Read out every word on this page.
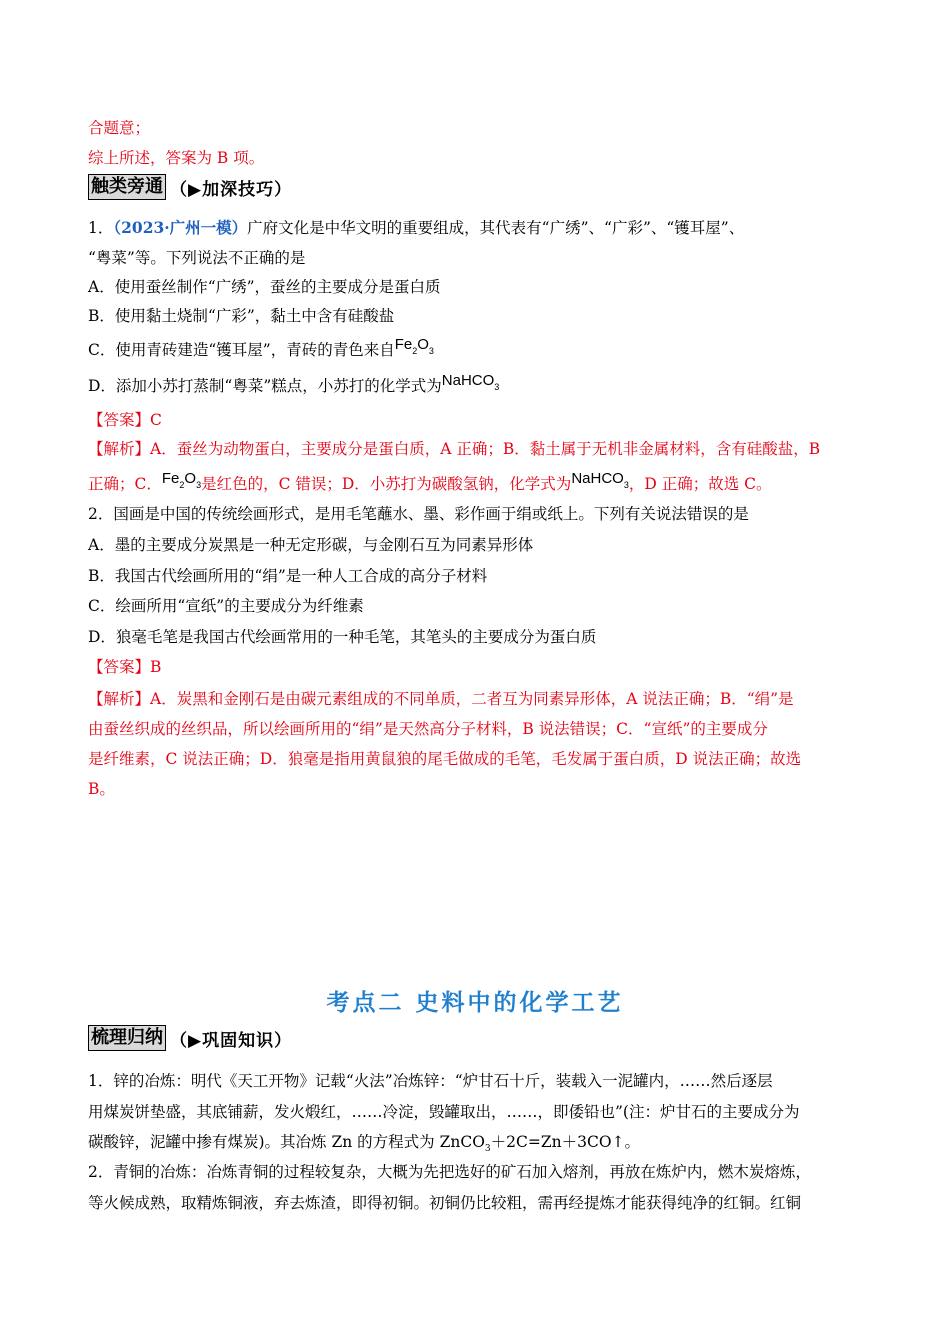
合题意；
综上所述，答案为 B 项。
触类旁通 （▶加深技巧）
1．（2023·广州一模）广府文化是中华文明的重要组成，其代表有“广绣”、“广彩”、“镬耳屋”、
“粤菜”等。下列说法不正确的是
A．使用蚕丝制作“广绣”，蚕丝的主要成分是蛋白质
B．使用黏土烧制“广彩”，黏土中含有硅酸盐
C．使用青砖建造“镬耳屋”，青砖的青色来自$Fe_2O_3$
D．添加小苏打蒸制“粤菜”糕点，小苏打的化学式为NaHCO$_3$
【答案】C
【解析】A．蚕丝为动物蛋白，主要成分是蛋白质，A 正确；B．黏土属于无机非金属材料，含有硅酸盐，B
正确；C．$Fe_2O_3$是红色的，C 错误；D．小苏打为碳酸氢钠，化学式为NaHCO$_3$，D 正确；故选 C。
2．国画是中国的传统绘画形式，是用毛笔蘸水、墨、彩作画于绢或纸上。下列有关说法错误的是
A．墨的主要成分炭黑是一种无定形碳，与金刚石互为同素异形体
B．我国古代绘画所用的“绢”是一种人工合成的高分子材料
C．绘画所用“宣纸”的主要成分为纤维素
D．狼毫毛笔是我国古代绘画常用的一种毛笔，其笔头的主要成分为蛋白质
【答案】B
【解析】A．炭黑和金刚石是由碳元素组成的不同单质，二者互为同素异形体，A 说法正确；B．“绢”是
由蚕丝织成的丝织品，所以绘画所用的“绢”是天然高分子材料，B 说法错误；C．“宣纸”的主要成分
是纤维素，C 说法正确；D．狼毫是指用黄鼠狼的尾毛做成的毛笔，毛发属于蛋白质，D 说法正确；故选
B。
考点二 史料中的化学工艺
梳理归纳 （▶巩固知识）
1．锌的冶炼：明代《天工开物》记载“火法”冶炼锌：“炉甘石十斤，装载入一泥罐内，……然后逐层
用煤炭饼垫盛，其底铺薪，发火煅红，……冷淀，毁罐取出，……，即倭铅也”(注：炉甘石的主要成分为
碳酸锌，泥罐中掺有煤炭)。其冶炼 Zn 的方程式为 ZnCO$_3$＋2C=Zn＋3CO↑。
2．青铜的冶炼：冶炼青铜的过程较复杂，大概为先把选好的矿石加入熔剂，再放在炼炉内，燃木炭熔炼，
等火候成熟，取精炼铜液，弃去炼渣，即得初铜。初铜仍比较粗，需再经提炼才能获得纯净的红铜。红铜
